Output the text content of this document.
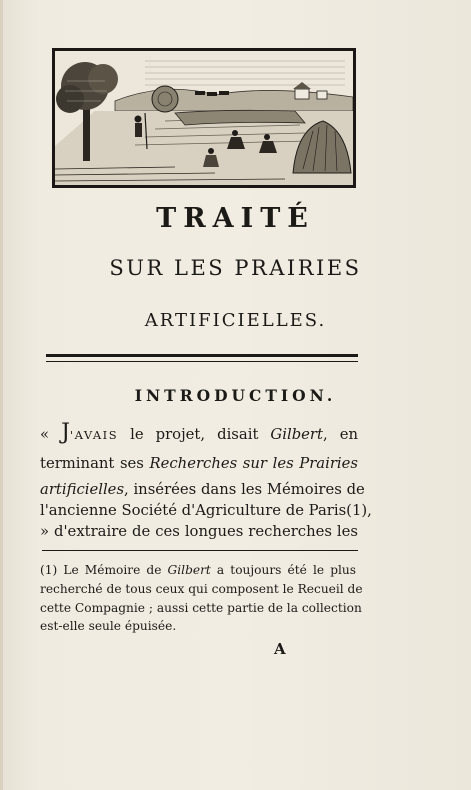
TRAITÉ
SUR LES PRAIRIES
ARTIFICIELLES.
INTRODUCTION.
« J'AVAIS le projet, disait Gilbert, en
terminant ses Recherches sur les Prairies
artificielles, insérées dans les Mémoires de
l'ancienne Société d'Agriculture de Paris(1),
» d'extraire de ces longues recherches les
(1) Le Mémoire de Gilbert a toujours été le plus
recherché de tous ceux qui composent le Recueil de
cette Compagnie ; aussi cette partie de la collection
est-elle seule épuisée.
A
